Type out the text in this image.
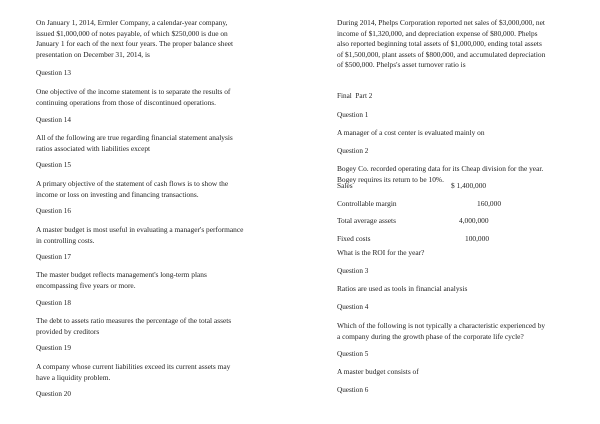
On January 1, 2014, Ermler Company, a calendar-year company,
issued $1,000,000 of notes payable, of which $250,000 is due on
January 1 for each of the next four years. The proper balance sheet
presentation on December 31, 2014, is

Question 13

One objective of the income statement is to separate the results of
continuing operations from those of discontinued operations.

Question 14

All of the following are true regarding financial statement analysis
ratios associated with liabilities except

Question 15

A primary objective of the statement of cash flows is to show the
income or loss on investing and financing transactions.

Question 16

A master budget is most useful in evaluating a manager's performance
in controlling costs.

Question 17

The master budget reflects management's long-term plans
encompassing five years or more.

Question 18

The debt to assets ratio measures the percentage of the total assets
provided by creditors

Question 19

A company whose current liabilities exceed its current assets may
have a liquidity problem.

Question 20

During 2014, Phelps Corporation reported net sales of $3,000,000, net
income of $1,320,000, and depreciation expense of $80,000. Phelps
also reported beginning total assets of $1,000,000, ending total assets
of $1,500,000, plant assets of $800,000, and accumulated depreciation
of $500,000. Phelps's asset turnover ratio is

Final  Part 2

Question 1

A manager of a cost center is evaluated mainly on

Question 2

Bogey Co. recorded operating data for its Cheap division for the year.
Bogey requires its return to be 10%.

Sales	$ 1,400,000
Controllable margin	160,000
Total average assets	4,000,000
Fixed costs	100,000

What is the ROI for the year?

Question 3

Ratios are used as tools in financial analysis

Question 4

Which of the following is not typically a characteristic experienced by
a company during the growth phase of the corporate life cycle?

Question 5

A master budget consists of

Question 6
